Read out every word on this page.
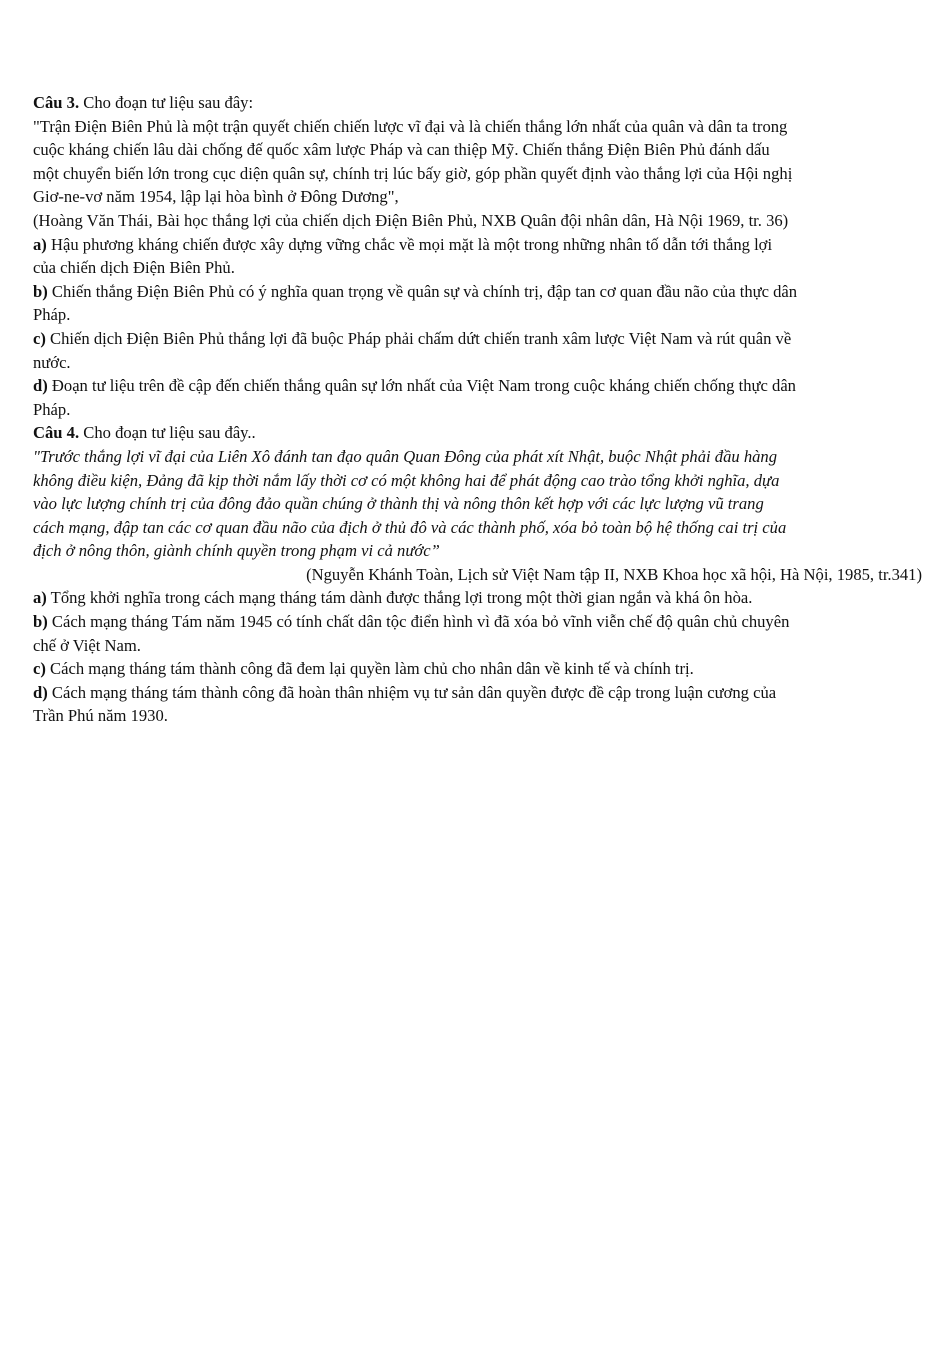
Câu 3. Cho đoạn tư liệu sau đây:

"Trận Điện Biên Phủ là một trận quyết chiến chiến lược vĩ đại và là chiến thắng lớn nhất của quân và dân ta trong

cuộc kháng chiến lâu dài chống đế quốc xâm lược Pháp và can thiệp Mỹ. Chiến thắng Điện Biên Phủ đánh dấu

một chuyển biến lớn trong cục diện quân sự, chính trị lúc bấy giờ, góp phần quyết định vào thắng lợi của Hội nghị

Giơ-ne-vơ năm 1954, lập lại hòa bình ở Đông Dương",

(Hoàng Văn Thái, Bài học thắng lợi của chiến dịch Điện Biên Phủ, NXB Quân đội nhân dân, Hà Nội 1969, tr. 36)

a) Hậu phương kháng chiến được xây dựng vững chắc về mọi mặt là một trong những nhân tố dẫn tới thắng lợi

của chiến dịch Điện Biên Phủ.

b) Chiến thắng Điện Biên Phủ có ý nghĩa quan trọng về quân sự và chính trị, đập tan cơ quan đầu não của thực dân

Pháp.

c) Chiến dịch Điện Biên Phủ thắng lợi đã buộc Pháp phải chấm dứt chiến tranh xâm lược Việt Nam và rút quân về

nước.

d) Đoạn tư liệu trên đề cập đến chiến thắng quân sự lớn nhất của Việt Nam trong cuộc kháng chiến chống thực dân

Pháp.

Câu 4. Cho đoạn tư liệu sau đây..

"Trước thắng lợi vĩ đại của Liên Xô đánh tan đạo quân Quan Đông của phát xít Nhật, buộc Nhật phải đầu hàng

không điều kiện, Đảng đã kịp thời nắm lấy thời cơ có một không hai để phát động cao trào tổng khởi nghĩa, dựa

vào lực lượng chính trị của đông đảo quần chúng ở thành thị và nông thôn kết hợp với các lực lượng vũ trang

cách mạng, đập tan các cơ quan đầu não của địch ở thủ đô và các thành phố, xóa bỏ toàn bộ hệ thống cai trị của

địch ở nông thôn, giành chính quyền trong phạm vi cả nước”

(Nguyễn Khánh Toàn, Lịch sử Việt Nam tập II, NXB Khoa học xã hội, Hà Nội, 1985, tr.341)

a) Tổng khởi nghĩa trong cách mạng tháng tám dành được thắng lợi trong một thời gian ngắn và khá ôn hòa.

b) Cách mạng tháng Tám năm 1945 có tính chất dân tộc điển hình vì đã xóa bỏ vĩnh viễn chế độ quân chủ chuyên

chế ở Việt Nam.

c) Cách mạng tháng tám thành công đã đem lại quyền làm chủ cho nhân dân về kinh tế và chính trị.

d) Cách mạng tháng tám thành công đã hoàn thân nhiệm vụ tư sản dân quyền được đề cập trong luận cương của

Trần Phú năm 1930.
